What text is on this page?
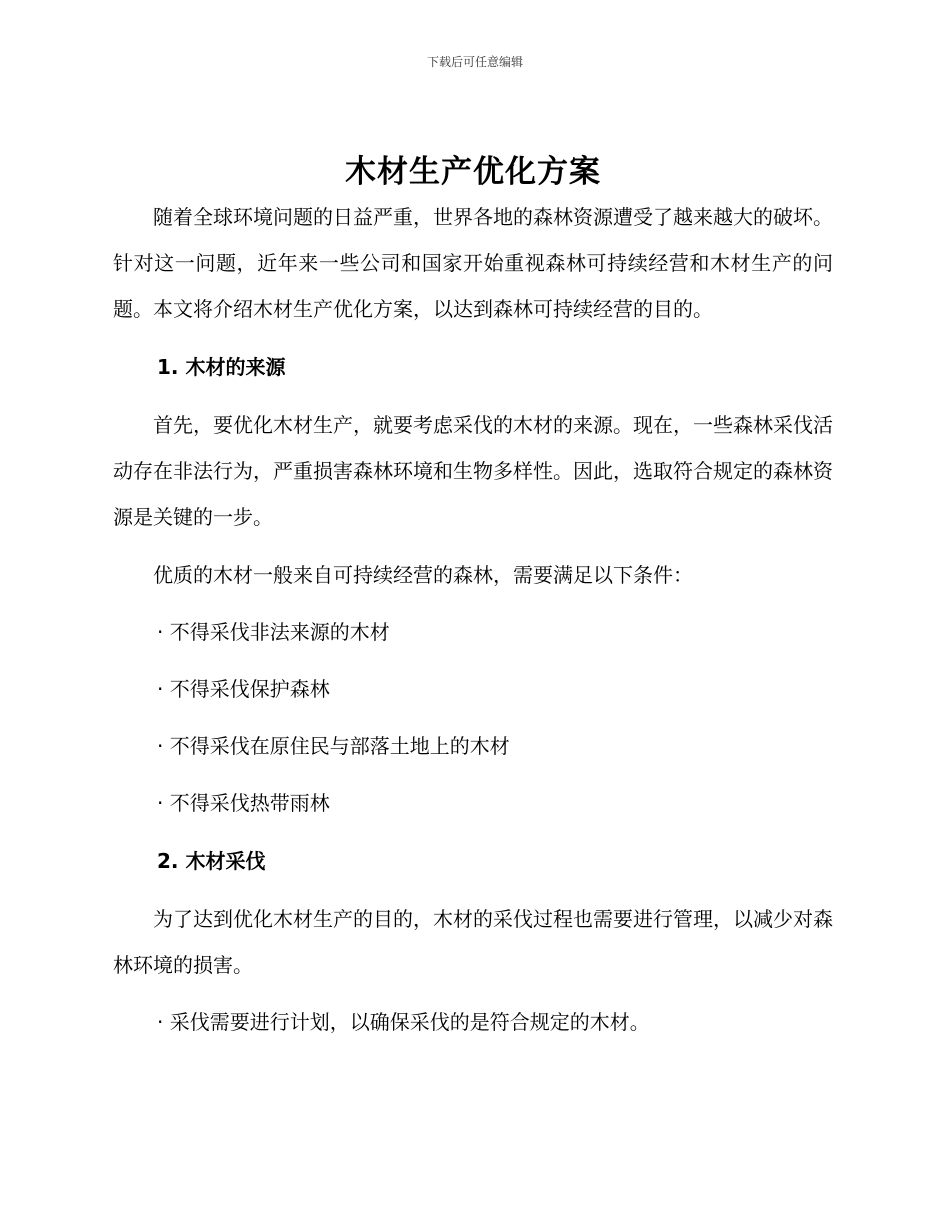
下载后可任意编辑
木材生产优化方案

随着全球环境问题的日益严重，世界各地的森林资源遭受了越来越大的破坏。针对这一问题，近年来一些公司和国家开始重视森林可持续经营和木材生产的问题。本文将介绍木材生产优化方案，以达到森林可持续经营的目的。

1. 木材的来源

首先，要优化木材生产，就要考虑采伐的木材的来源。现在，一些森林采伐活动存在非法行为，严重损害森林环境和生物多样性。因此，选取符合规定的森林资源是关键的一步。

优质的木材一般来自可持续经营的森林，需要满足以下条件：

· 不得采伐非法来源的木材

· 不得采伐保护森林

· 不得采伐在原住民与部落土地上的木材

· 不得采伐热带雨林

2. 木材采伐

为了达到优化木材生产的目的，木材的采伐过程也需要进行管理，以减少对森林环境的损害。

· 采伐需要进行计划，以确保采伐的是符合规定的木材。
